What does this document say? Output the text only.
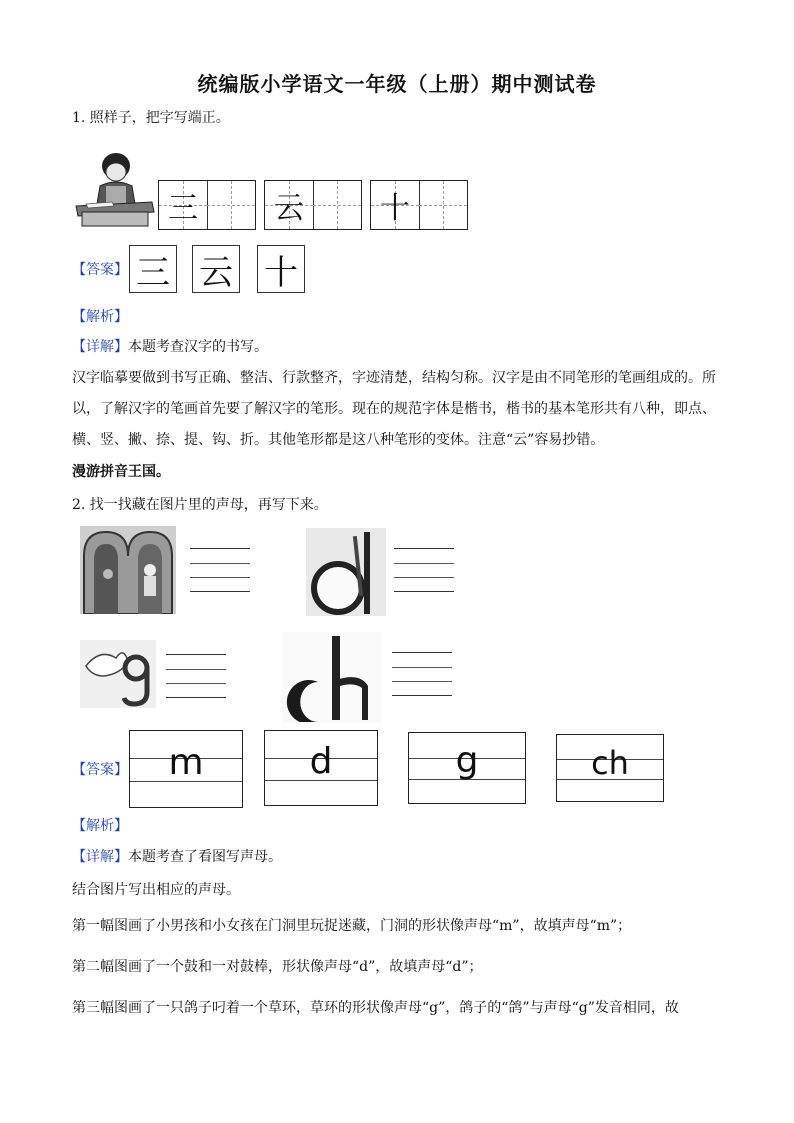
统编版小学语文一年级（上册）期中测试卷
1. 照样子，把字写端正。
三	云	十
【答案】 三 云 十
【解析】
【详解】本题考查汉字的书写。
汉字临摹要做到书写正确、整洁、行款整齐，字迹清楚，结构匀称。汉字是由不同笔形的笔画组成的。所以，了解汉字的笔画首先要了解汉字的笔形。现在的规范字体是楷书，楷书的基本笔形共有八种，即点、横、竖、撇、捺、提、钩、折。其他笔形都是这八种笔形的变体。注意“云”容易抄错。
漫游拼音王国。
2. 找一找藏在图片里的声母，再写下来。
【答案】	m	d	g	ch
【解析】
【详解】本题考查了看图写声母。
结合图片写出相应的声母。
第一幅图画了小男孩和小女孩在门洞里玩捉迷藏，门洞的形状像声母“m”，故填声母“m”；
第二幅图画了一个鼓和一对鼓棒，形状像声母“d”，故填声母“d”；
第三幅图画了一只鸽子叼着一个草环，草环的形状像声母“g”，鸽子的“鸽”与声母“g”发音相同，故
